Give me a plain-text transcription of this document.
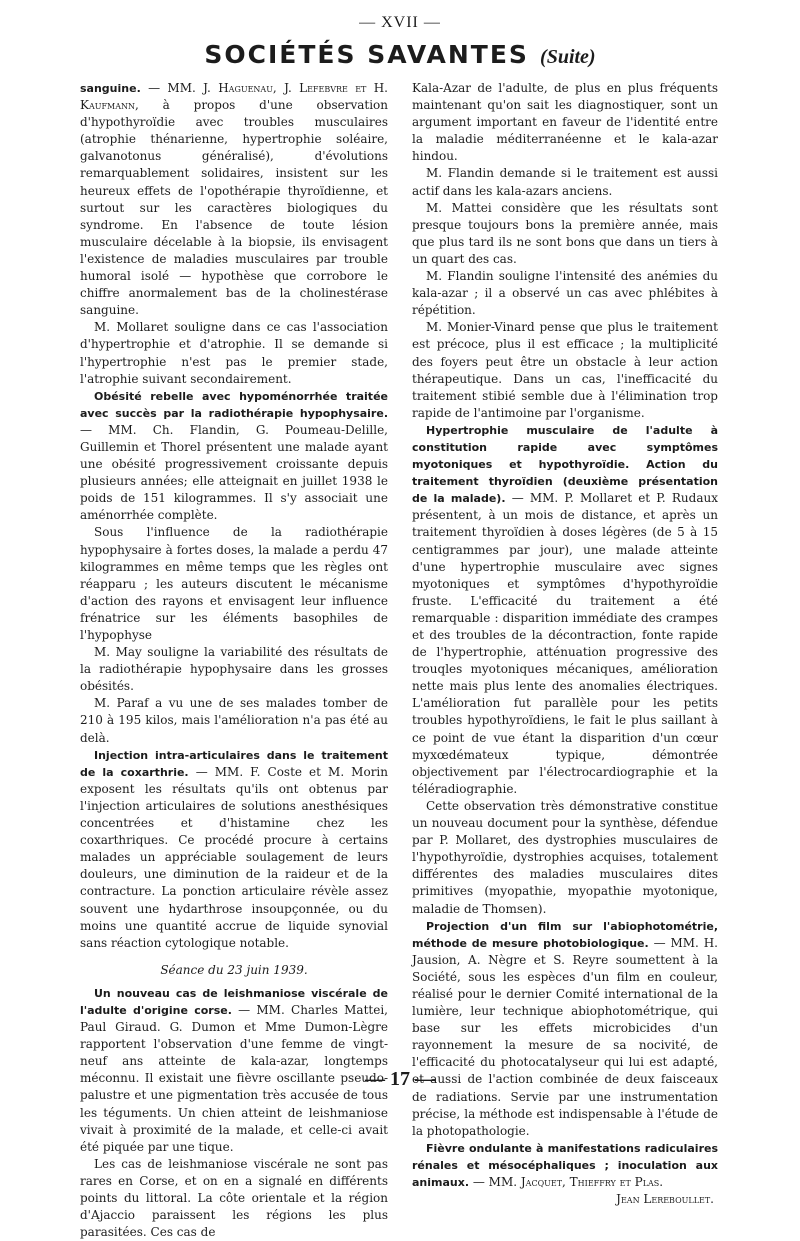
— XVII —
SOCIÉTÉS SAVANTES (Suite)

sanguine. — MM. J. Haguenau, J. Lefebvre et H. Kaufmann, à propos d'une observation d'hypothyroïdie avec troubles musculaires (atrophie thénarienne, hypertrophie soléaire, galvanotonus généralisé), d'évolutions remarquablement solidaires, insistent sur les heureux effets de l'opothérapie thyroïdienne, et surtout sur les caractères biologiques du syndrome. En l'absence de toute lésion musculaire décelable à la biopsie, ils envisagent l'existence de maladies musculaires par trouble humoral isolé — hypothèse que corrobore le chiffre anormalement bas de la cholinestérase sanguine.

M. Mollaret souligne dans ce cas l'association d'hypertrophie et d'atrophie. Il se demande si l'hypertrophie n'est pas le premier stade, l'atrophie suivant secondairement.

Obésité rebelle avec hypoménorrhée traitée avec succès par la radiothérapie hypophysaire. — MM. Ch. Flandin, G. Poumeau-Delille, Guillemin et Thorel présentent une malade ayant une obésité progressivement croissante depuis plusieurs années; elle atteignait en juillet 1938 le poids de 151 kilogrammes. Il s'y associait une aménorrhée complète.

Sous l'influence de la radiothérapie hypophysaire à fortes doses, la malade a perdu 47 kilogrammes en même temps que les règles ont réapparu ; les auteurs discutent le mécanisme d'action des rayons et envisagent leur influence frénatrice sur les éléments basophiles de l'hypophyse

M. May souligne la variabilité des résultats de la radiothérapie hypophysaire dans les grosses obésités.

M. Paraf a vu une de ses malades tomber de 210 à 195 kilos, mais l'amélioration n'a pas été au delà.

Injection intra-articulaires dans le traitement de la coxarthrie. — MM. F. Coste et M. Morin exposent les résultats qu'ils ont obtenus par l'injection articulaires de solutions anesthésiques concentrées et d'histamine chez les coxarthriques. Ce procédé procure à certains malades un appréciable soulagement de leurs douleurs, une diminution de la raideur et de la contracture. La ponction articulaire révèle assez souvent une hydarthrose insoupçonnée, ou du moins une quantité accrue de liquide synovial sans réaction cytologique notable.

Séance du 23 juin 1939.

Un nouveau cas de leishmaniose viscérale de l'adulte d'origine corse. — MM. Charles Mattei, Paul Giraud. G. Dumon et Mme Dumon-Lègre rapportent l'observation d'une femme de vingt-neuf ans atteinte de kala-azar, longtemps méconnu. Il existait une fièvre oscillante pseudo-palustre et une pigmentation très accusée de tous les téguments. Un chien atteint de leishmaniose vivait à proximité de la malade, et celle-ci avait été piquée par une tique.

Les cas de leishmaniose viscérale ne sont pas rares en Corse, et on en a signalé en différents points du littoral. La côte orientale et la région d'Ajaccio paraissent les régions les plus parasitées. Ces cas de

Kala-Azar de l'adulte, de plus en plus fréquents maintenant qu'on sait les diagnostiquer, sont un argument important en faveur de l'identité entre la maladie méditerranéenne et le kala-azar hindou.

M. Flandin demande si le traitement est aussi actif dans les kala-azars anciens.

M. Mattei considère que les résultats sont presque toujours bons la première année, mais que plus tard ils ne sont bons que dans un tiers à un quart des cas.

M. Flandin souligne l'intensité des anémies du kala-azar ; il a observé un cas avec phlébites à répétition.

M. Monier-Vinard pense que plus le traitement est précoce, plus il est efficace ; la multiplicité des foyers peut être un obstacle à leur action thérapeutique. Dans un cas, l'inefficacité du traitement stibié semble due à l'élimination trop rapide de l'antimoine par l'organisme.

Hypertrophie musculaire de l'adulte à constitution rapide avec symptômes myotoniques et hypothyroïdie. Action du traitement thyroïdien (deuxième présentation de la malade). — MM. P. Mollaret et P. Rudaux présentent, à un mois de distance, et après un traitement thyroïdien à doses légères (de 5 à 15 centigrammes par jour), une malade atteinte d'une hypertrophie musculaire avec signes myotoniques et symptômes d'hypothyroïdie fruste. L'efficacité du traitement a été remarquable : disparition immédiate des crampes et des troubles de la décontraction, fonte rapide de l'hypertrophie, atténuation progressive des trouqles myotoniques mécaniques, amélioration nette mais plus lente des anomalies électriques. L'amélioration fut parallèle pour les petits troubles hypothyroïdiens, le fait le plus saillant à ce point de vue étant la disparition d'un cœur myxœdémateux typique, démontrée objectivement par l'électrocardiographie et la téléradiographie.

Cette observation très démonstrative constitue un nouveau document pour la synthèse, défendue par P. Mollaret, des dystrophies musculaires de l'hypothyroïdie, dystrophies acquises, totalement différentes des maladies musculaires dites primitives (myopathie, myopathie myotonique, maladie de Thomsen).

Projection d'un film sur l'abiophotométrie, méthode de mesure photobiologique. — MM. H. Jausion, A. Nègre et S. Reyre soumettent à la Société, sous les espèces d'un film en couleur, réalisé pour le dernier Comité international de la lumière, leur technique abiophotométrique, qui base sur les effets microbicides d'un rayonnement la mesure de sa nocivité, de l'efficacité du photocatalyseur qui lui est adapté, et aussi de l'action combinée de deux faisceaux de radiations. Servie par une instrumentation précise, la méthode est indispensable à l'étude de la photopathologie.

Fièvre ondulante à manifestations radiculaires rénales et mésocéphaliques ; inoculation aux animaux. — MM. Jacquet, Thieffry et Plas.

Jean Lereboullet.

— 17 —
